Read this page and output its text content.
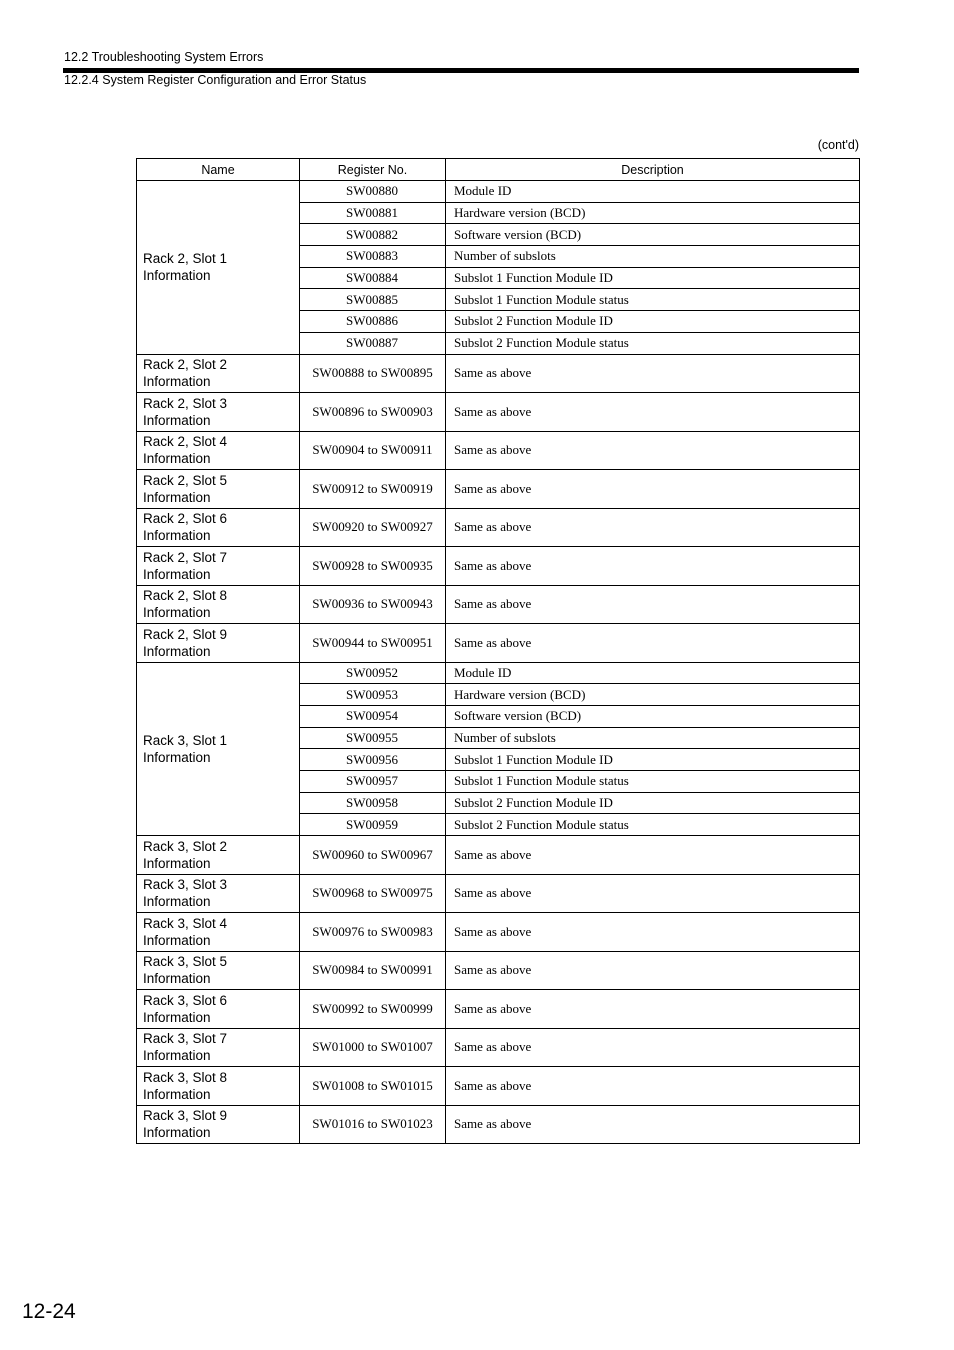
12.2 Troubleshooting System Errors
12.2.4 System Register Configuration and Error Status
(cont'd)
Name	Register No.	Description

Rack 2, Slot 1
Information	SW00880	Module ID
	SW00881	Hardware version (BCD)
	SW00882	Software version (BCD)
	SW00883	Number of subslots
	SW00884	Subslot 1 Function Module ID
	SW00885	Subslot 1 Function Module status
	SW00886	Subslot 2 Function Module ID
	SW00887	Subslot 2 Function Module status

Rack 2, Slot 2
Information	SW00888 to SW00895	Same as above

Rack 2, Slot 3
Information	SW00896 to SW00903	Same as above

Rack 2, Slot 4
Information	SW00904 to SW00911	Same as above

Rack 2, Slot 5
Information	SW00912 to SW00919	Same as above

Rack 2, Slot 6
Information	SW00920 to SW00927	Same as above

Rack 2, Slot 7
Information	SW00928 to SW00935	Same as above

Rack 2, Slot 8
Information	SW00936 to SW00943	Same as above

Rack 2, Slot 9
Information	SW00944 to SW00951	Same as above

Rack 3, Slot 1
Information	SW00952	Module ID
	SW00953	Hardware version (BCD)
	SW00954	Software version (BCD)
	SW00955	Number of subslots
	SW00956	Subslot 1 Function Module ID
	SW00957	Subslot 1 Function Module status
	SW00958	Subslot 2 Function Module ID
	SW00959	Subslot 2 Function Module status

Rack 3, Slot 2
Information	SW00960 to SW00967	Same as above

Rack 3, Slot 3
Information	SW00968 to SW00975	Same as above

Rack 3, Slot 4
Information	SW00976 to SW00983	Same as above

Rack 3, Slot 5
Information	SW00984 to SW00991	Same as above

Rack 3, Slot 6
Information	SW00992 to SW00999	Same as above

Rack 3, Slot 7
Information	SW01000 to SW01007	Same as above

Rack 3, Slot 8
Information	SW01008 to SW01015	Same as above

Rack 3, Slot 9
Information	SW01016 to SW01023	Same as above
12-24
